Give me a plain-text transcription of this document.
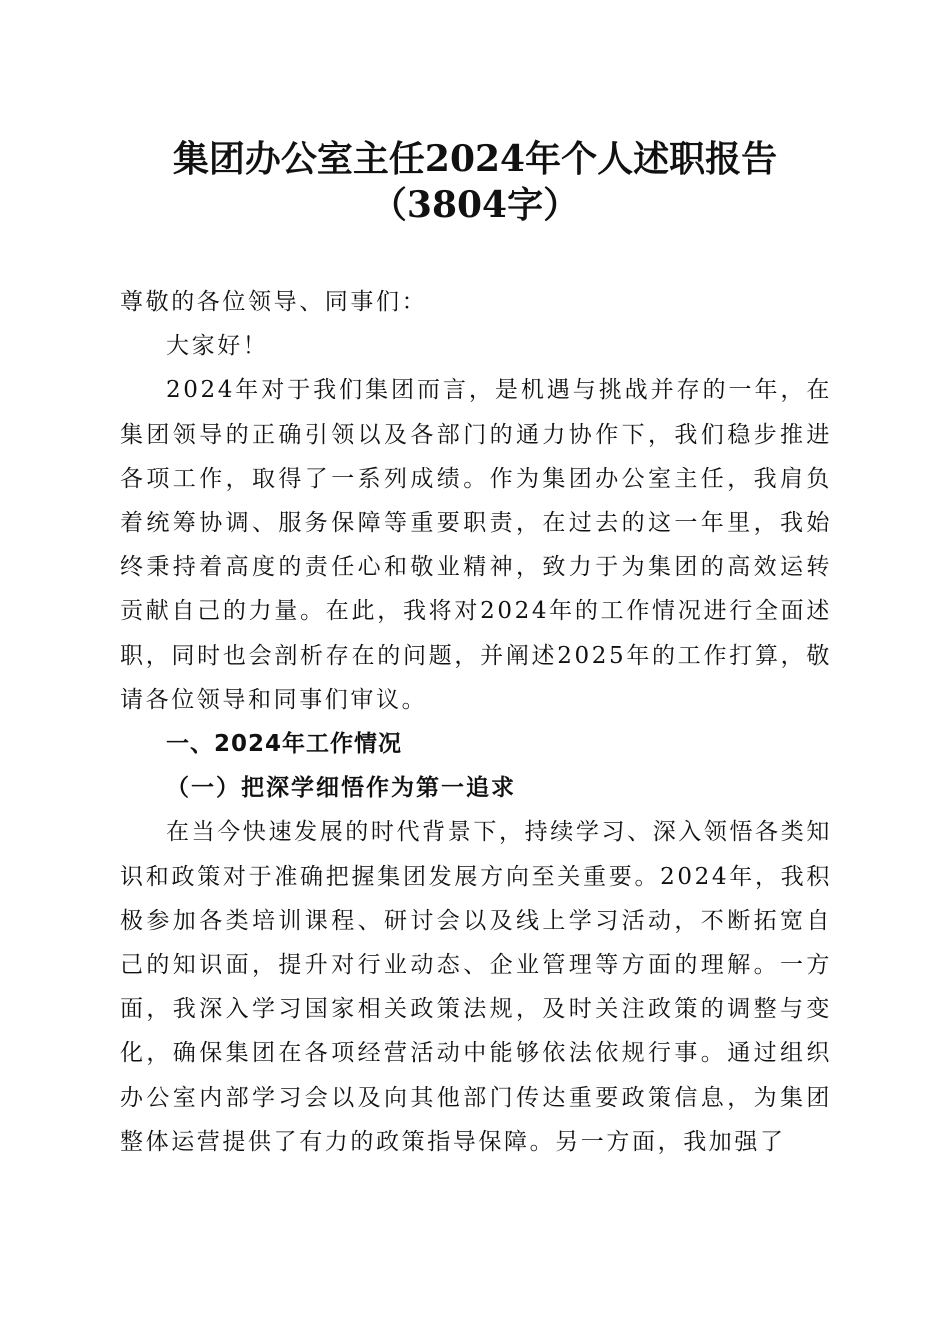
集团办公室主任2024年个人述职报告（3804字）

尊敬的各位领导、同事们：

大家好！

2024年对于我们集团而言，是机遇与挑战并存的一年，在集团领导的正确引领以及各部门的通力协作下，我们稳步推进各项工作，取得了一系列成绩。作为集团办公室主任，我肩负着统筹协调、服务保障等重要职责，在过去的这一年里，我始终秉持着高度的责任心和敬业精神，致力于为集团的高效运转贡献自己的力量。在此，我将对2024年的工作情况进行全面述职，同时也会剖析存在的问题，并阐述2025年的工作打算，敬请各位领导和同事们审议。

一、2024年工作情况

（一）把深学细悟作为第一追求

在当今快速发展的时代背景下，持续学习、深入领悟各类知识和政策对于准确把握集团发展方向至关重要。2024年，我积极参加各类培训课程、研讨会以及线上学习活动，不断拓宽自己的知识面，提升对行业动态、企业管理等方面的理解。一方面，我深入学习国家相关政策法规，及时关注政策的调整与变化，确保集团在各项经营活动中能够依法依规行事。通过组织办公室内部学习会以及向其他部门传达重要政策信息，为集团整体运营提供了有力的政策指导保障。另一方面，我加强了
